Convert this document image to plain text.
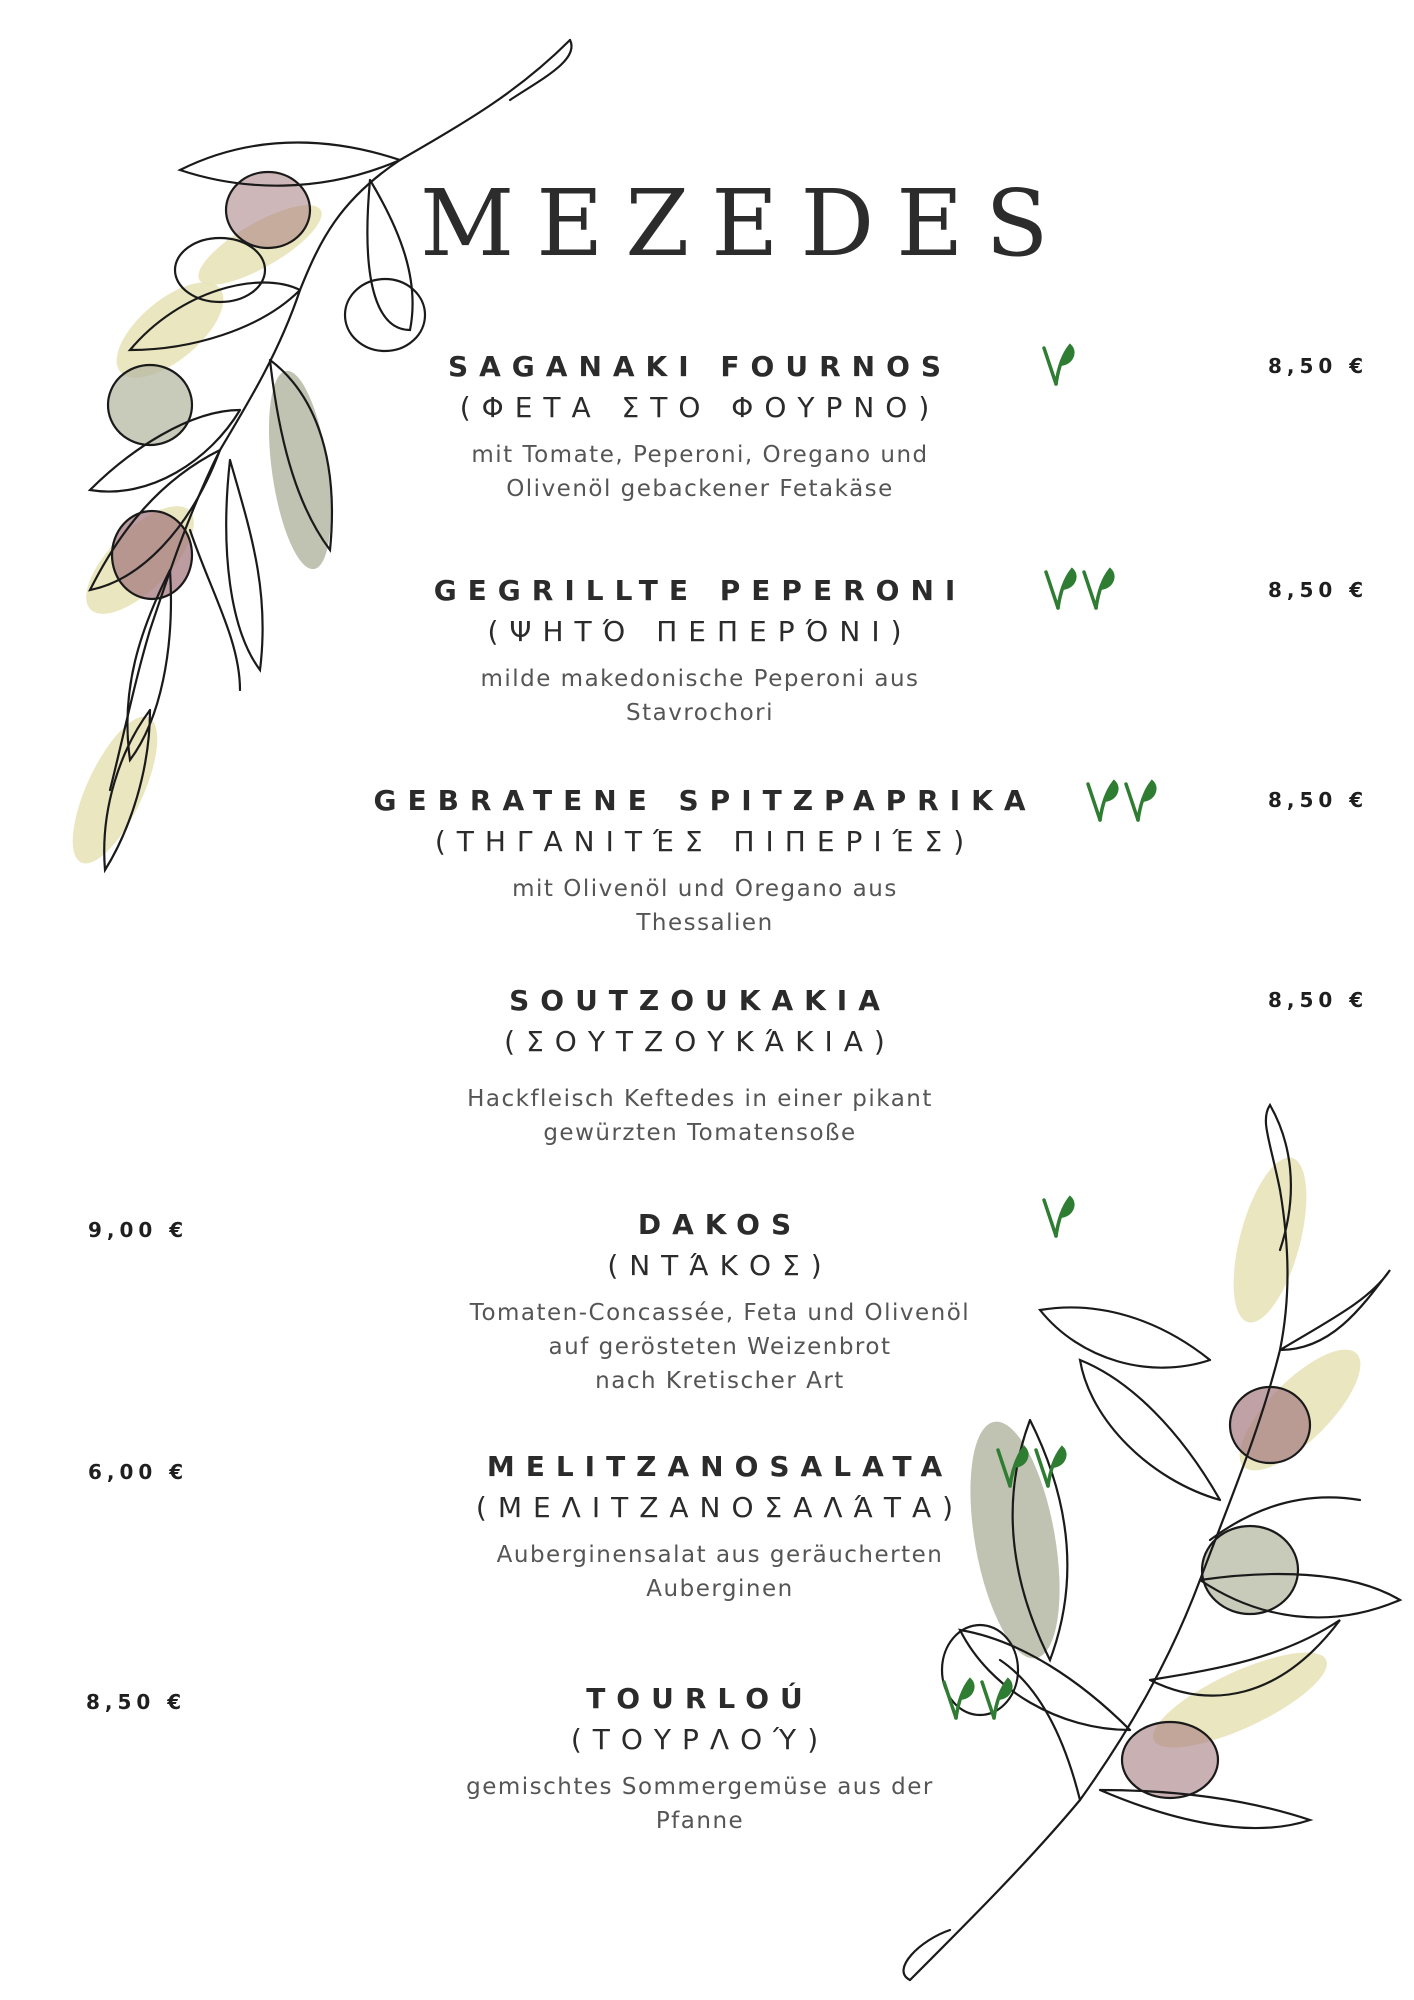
MEZEDES
SAGANAKI FOURNOS
(ΦΕΤΑ ΣΤΟ ΦΟΥΡΝΟ)
mit Tomate, Peperoni, Oregano und
Olivenöl gebackener Fetakäse
8,50 €
GEGRILLTE PEPERONI
(ΨΗΤΌ ΠΕΠΕΡΌΝΙ)
milde makedonische Peperoni aus
Stavrochori
8,50 €
GEBRATENE SPITZPAPRIKA
(ΤΗΓΑΝΙΤΈΣ ΠΙΠΕΡΙΈΣ)
mit Olivenöl und Oregano aus
Thessalien
8,50 €
SOUTZOUKAKIA
(ΣΟΥΤΖΟΥΚΆΚΙΑ)
Hackfleisch Keftedes in einer pikant
gewürzten Tomatensoße
8,50 €
DAKOS
(ΝΤΆΚΟΣ)
Tomaten-Concassée, Feta und Olivenöl
auf gerösteten Weizenbrot
nach Kretischer Art
9,00 €
MELITZANOSALATA
(ΜΕΛΙΤΖΑΝΟΣΑΛΆΤΑ)
Auberginensalat aus geräucherten
Auberginen
6,00 €
TOURLOÚ
(ΤΟΥΡΛΟΎ)
gemischtes Sommergemüse aus der
Pfanne
8,50 €
